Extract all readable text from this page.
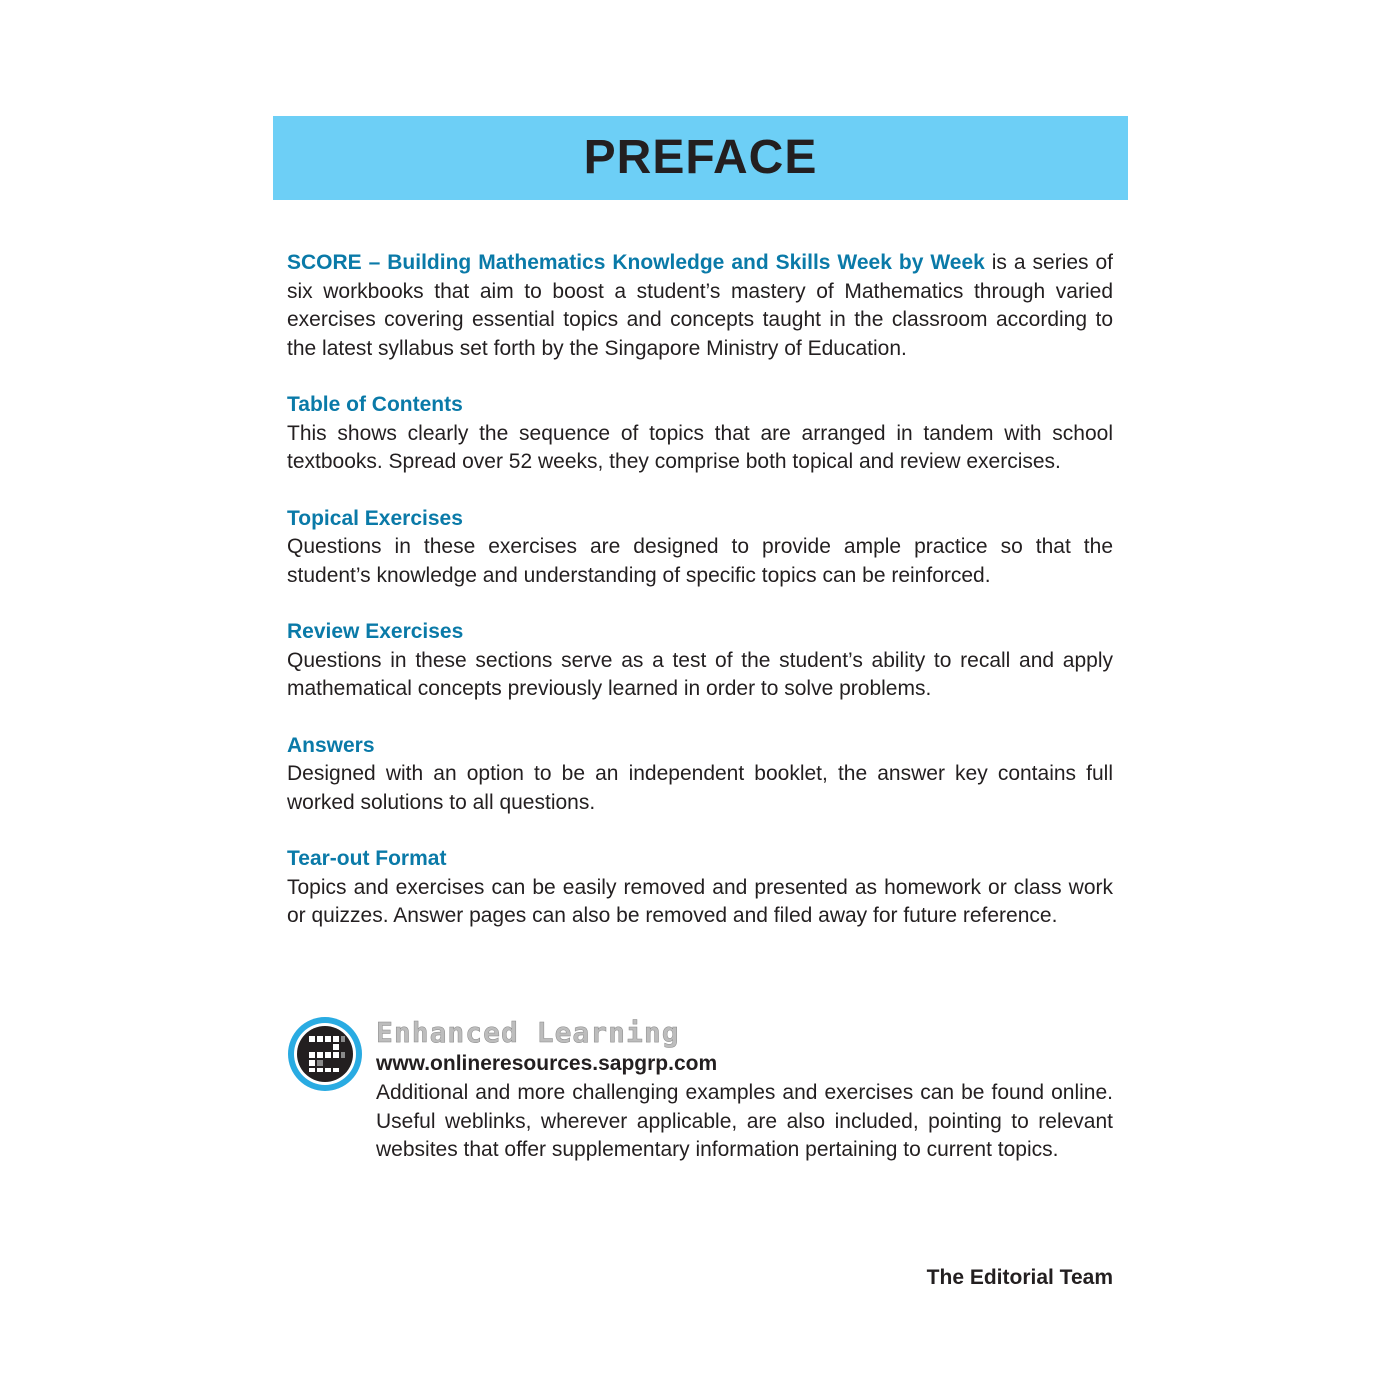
PREFACE

SCORE – Building Mathematics Knowledge and Skills Week by Week is a series of six workbooks that aim to boost a student’s mastery of Mathematics through varied exercises covering essential topics and concepts taught in the classroom according to the latest syllabus set forth by the Singapore Ministry of Education.

Table of Contents

This shows clearly the sequence of topics that are arranged in tandem with school textbooks. Spread over 52 weeks, they comprise both topical and review exercises.

Topical Exercises

Questions in these exercises are designed to provide ample practice so that the student’s knowledge and understanding of specific topics can be reinforced.

Review Exercises

Questions in these sections serve as a test of the student’s ability to recall and apply mathematical concepts previously learned in order to solve problems.

Answers

Designed with an option to be an independent booklet, the answer key contains full worked solutions to all questions.

Tear-out Format

Topics and exercises can be easily removed and presented as homework or class work or quizzes. Answer pages can also be removed and filed away for future reference.

Enhanced Learning
www.onlineresources.sapgrp.com

Additional and more challenging examples and exercises can be found online. Useful weblinks, wherever applicable, are also included, pointing to relevant websites that offer supplementary information pertaining to current topics.

The Editorial Team
